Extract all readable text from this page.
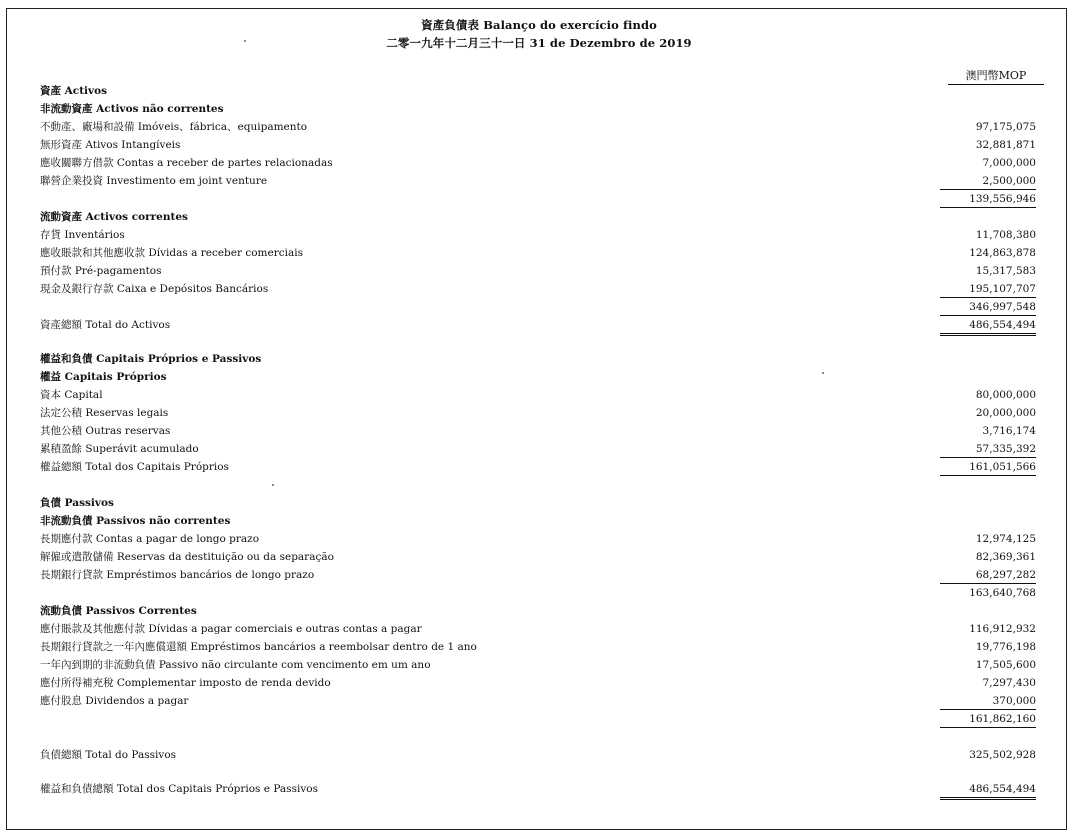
資產負債表 Balanço do exercício findo
二零一九年十二月三十一日 31 de Dezembro de 2019
澳門幣MOP
資產 Activos
非流動資產 Activos não correntes
不動產、廠場和設備 Imóveis、fábrica、equipamento	97,175,075
無形資產 Ativos Intangíveis	32,881,871
應收關聯方借款 Contas a receber de partes relacionadas	7,000,000
聯營企業投資 Investimento em joint venture	2,500,000
139,556,946
流動資產 Activos correntes
存貨 Inventários	11,708,380
應收賬款和其他應收款 Dívidas a receber comerciais	124,863,878
預付款 Pré-pagamentos	15,317,583
現金及銀行存款 Caixa e Depósitos Bancários	195,107,707
346,997,548
資產總額 Total do Activos	486,554,494
權益和負債 Capitais Próprios e Passivos
權益 Capitais Próprios
資本 Capital	80,000,000
法定公積 Reservas legais	20,000,000
其他公積 Outras reservas	3,716,174
累積盈餘 Superávit acumulado	57,335,392
權益總額 Total dos Capitais Próprios	161,051,566
負債 Passivos
非流動負債 Passivos não correntes
長期應付款 Contas a pagar de longo prazo	12,974,125
解僱或遣散儲備 Reservas da destituição ou da separação	82,369,361
長期銀行貸款 Empréstimos bancários de longo prazo	68,297,282
163,640,768
流動負債 Passivos Correntes
應付賬款及其他應付款 Dívidas a pagar comerciais e outras contas a pagar	116,912,932
長期銀行貸款之一年內應償還額 Empréstimos bancários a reembolsar dentro de 1 ano	19,776,198
一年內到期的非流動負債 Passivo não circulante com vencimento em um ano	17,505,600
應付所得補充稅 Complementar imposto de renda devido	7,297,430
應付股息 Dividendos a pagar	370,000
161,862,160
負債總額 Total do Passivos	325,502,928
權益和負債總額 Total dos Capitais Próprios e Passivos	486,554,494
